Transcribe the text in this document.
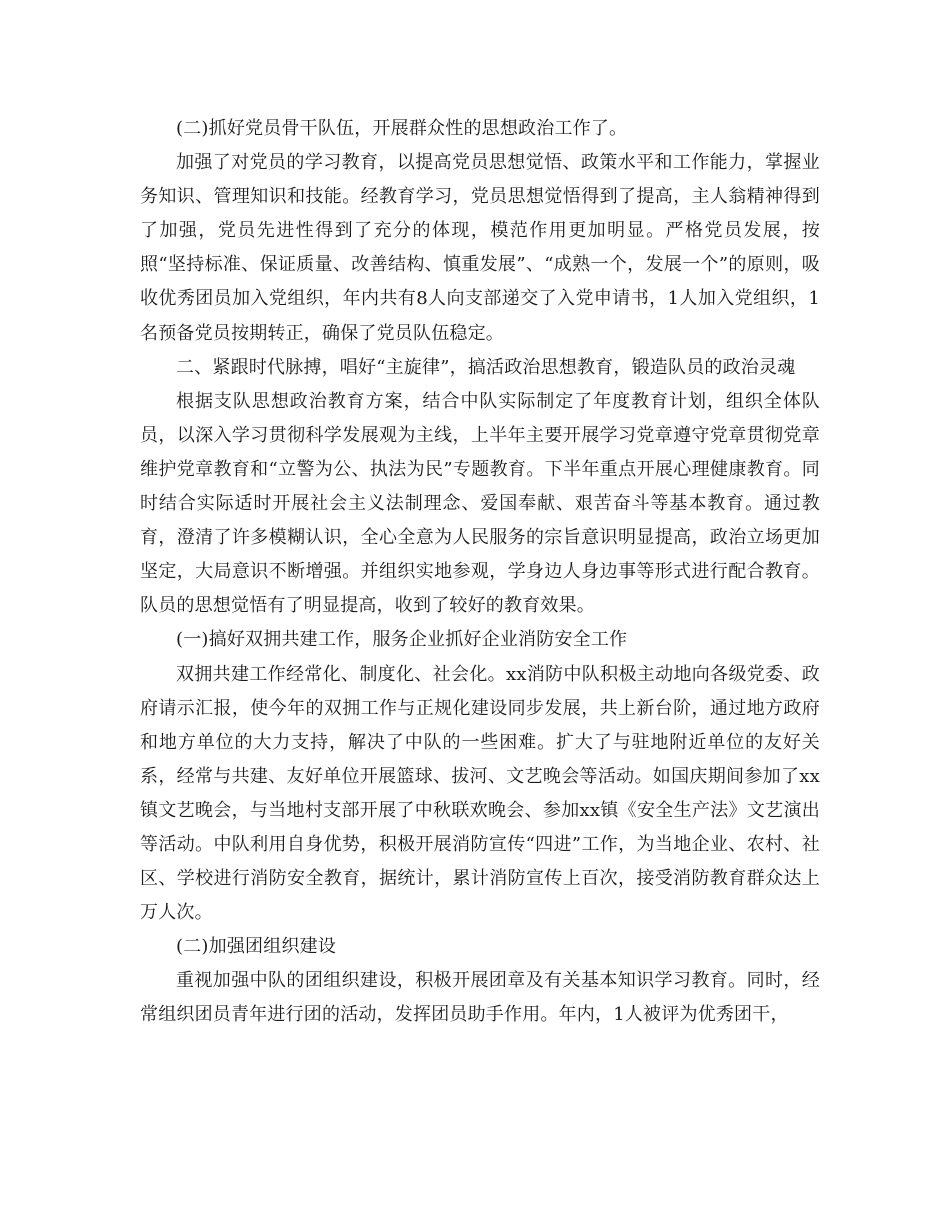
(二)抓好党员骨干队伍，开展群众性的思想政治工作了。

加强了对党员的学习教育，以提高党员思想觉悟、政策水平和工作能力，掌握业务知识、管理知识和技能。经教育学习，党员思想觉悟得到了提高，主人翁精神得到了加强，党员先进性得到了充分的体现，模范作用更加明显。严格党员发展，按照“坚持标准、保证质量、改善结构、慎重发展”、“成熟一个，发展一个”的原则，吸收优秀团员加入党组织，年内共有8人向支部递交了入党申请书，1人加入党组织，1名预备党员按期转正，确保了党员队伍稳定。

二、紧跟时代脉搏，唱好“主旋律”，搞活政治思想教育，锻造队员的政治灵魂

根据支队思想政治教育方案，结合中队实际制定了年度教育计划，组织全体队员，以深入学习贯彻科学发展观为主线，上半年主要开展学习党章遵守党章贯彻党章维护党章教育和“立警为公、执法为民”专题教育。下半年重点开展心理健康教育。同时结合实际适时开展社会主义法制理念、爱国奉献、艰苦奋斗等基本教育。通过教育，澄清了许多模糊认识，全心全意为人民服务的宗旨意识明显提高，政治立场更加坚定，大局意识不断增强。并组织实地参观，学身边人身边事等形式进行配合教育。队员的思想觉悟有了明显提高，收到了较好的教育效果。

(一)搞好双拥共建工作，服务企业抓好企业消防安全工作

双拥共建工作经常化、制度化、社会化。xx消防中队积极主动地向各级党委、政府请示汇报，使今年的双拥工作与正规化建设同步发展，共上新台阶，通过地方政府和地方单位的大力支持，解决了中队的一些困难。扩大了与驻地附近单位的友好关系，经常与共建、友好单位开展篮球、拔河、文艺晚会等活动。如国庆期间参加了xx镇文艺晚会，与当地村支部开展了中秋联欢晚会、参加xx镇《安全生产法》文艺演出等活动。中队利用自身优势，积极开展消防宣传“四进”工作，为当地企业、农村、社区、学校进行消防安全教育，据统计，累计消防宣传上百次，接受消防教育群众达上万人次。

(二)加强团组织建设

重视加强中队的团组织建设，积极开展团章及有关基本知识学习教育。同时，经常组织团员青年进行团的活动，发挥团员助手作用。年内，1人被评为优秀团干，
